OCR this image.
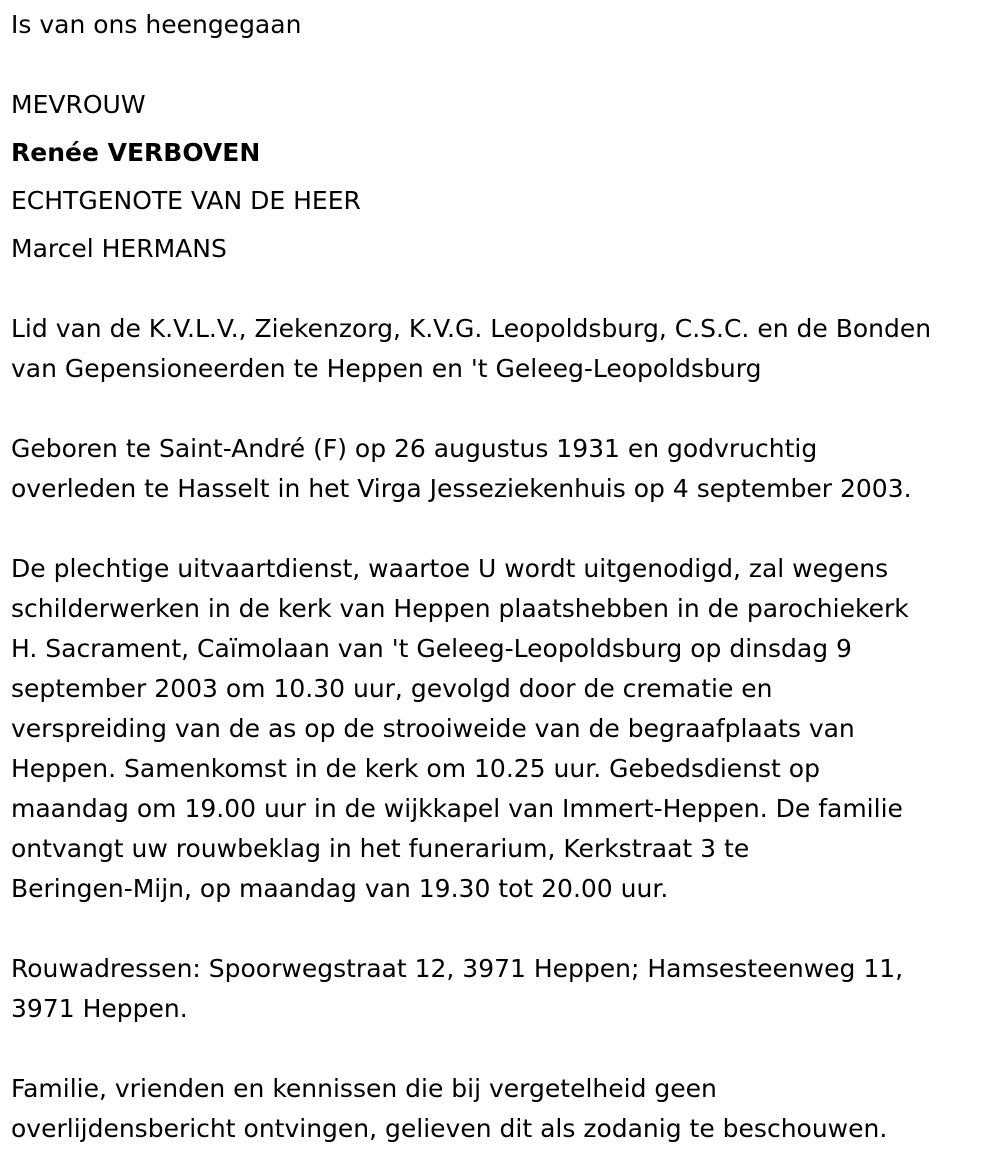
Is van ons heengegaan
MEVROUW
Renée VERBOVEN
ECHTGENOTE VAN DE HEER
Marcel HERMANS
Lid van de K.V.L.V., Ziekenzorg, K.V.G. Leopoldsburg, C.S.C. en de Bonden
van Gepensioneerden te Heppen en 't Geleeg-Leopoldsburg
Geboren te Saint-André (F) op 26 augustus 1931 en godvruchtig
overleden te Hasselt in het Virga Jesseziekenhuis op 4 september 2003.
De plechtige uitvaartdienst, waartoe U wordt uitgenodigd, zal wegens
schilderwerken in de kerk van Heppen plaatshebben in de parochiekerk
H. Sacrament, Caïmolaan van 't Geleeg-Leopoldsburg op dinsdag 9
september 2003 om 10.30 uur, gevolgd door de crematie en
verspreiding van de as op de strooiweide van de begraafplaats van
Heppen. Samenkomst in de kerk om 10.25 uur. Gebedsdienst op
maandag om 19.00 uur in de wijkkapel van Immert-Heppen. De familie
ontvangt uw rouwbeklag in het funerarium, Kerkstraat 3 te
Beringen-Mijn, op maandag van 19.30 tot 20.00 uur.
Rouwadressen: Spoorwegstraat 12, 3971 Heppen; Hamsesteenweg 11,
3971 Heppen.
Familie, vrienden en kennissen die bij vergetelheid geen
overlijdensbericht ontvingen, gelieven dit als zodanig te beschouwen.
